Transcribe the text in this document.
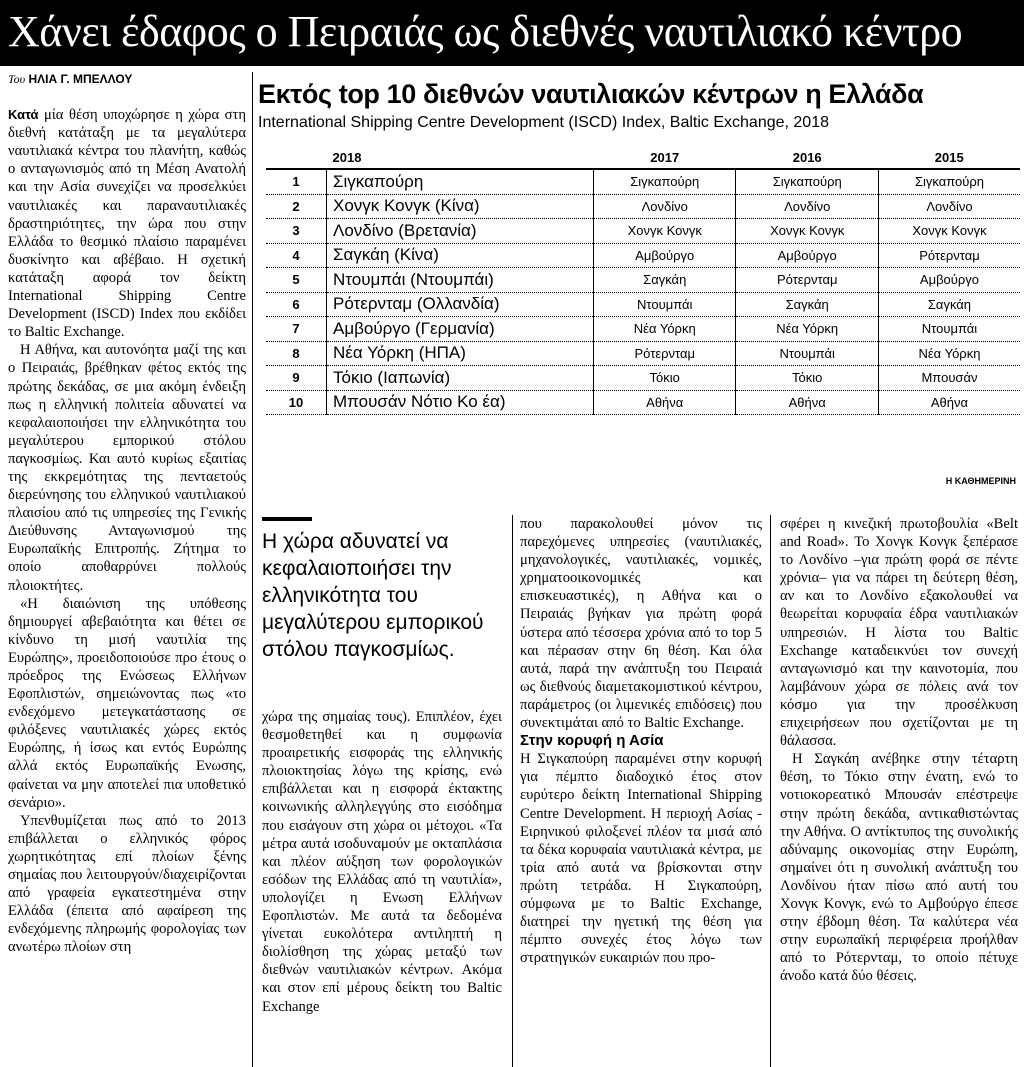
Χάνει έδαφος ο Πειραιάς ως διεθνές ναυτιλιακό κέντρο

Του ΗΛΙΑ Γ. ΜΠΕΛΛΟΥ

Κατά μία θέση υποχώρησε η χώρα στη διεθνή κατάταξη με τα μεγαλύτερα ναυτιλιακά κέντρα του πλανήτη, καθώς ο ανταγωνισμός από τη Μέση Ανατολή και την Ασία συνεχίζει να προσελκύει ναυτιλιακές και παραναυτιλιακές δραστηριότητες, την ώρα που στην Ελλάδα το θεσμικό πλαίσιο παραμένει δυσκίνητο και αβέβαιο. Η σχετική κατάταξη αφορά τον δείκτη International Shipping Centre Development (ISCD) Index που εκδίδει το Baltic Exchange.

Η Αθήνα, και αυτονόητα μαζί της και ο Πειραιάς, βρέθηκαν φέτος εκτός της πρώτης δεκάδας, σε μια ακόμη ένδειξη πως η ελληνική πολιτεία αδυνατεί να κεφαλαιοποιήσει την ελληνικότητα του μεγαλύτερου εμπορικού στόλου παγκοσμίως. Και αυτό κυρίως εξαιτίας της εκκρεμότητας της πενταετούς διερεύνησης του ελληνικού ναυτιλιακού πλαισίου από τις υπηρεσίες της Γενικής Διεύθυνσης Ανταγωνισμού της Ευρωπαϊκής Επιτροπής. Ζήτημα το οποίο αποθαρρύνει πολλούς πλοιοκτήτες.

«Η διαιώνιση της υπόθεσης δημιουργεί αβεβαιότητα και θέτει σε κίνδυνο τη μισή ναυτιλία της Ευρώπης», προειδοποιούσε προ έτους ο πρόεδρος της Ενώσεως Ελλήνων Εφοπλιστών, σημειώνοντας πως «το ενδεχόμενο μετεγκατάστασης σε φιλόξενες ναυτιλιακές χώρες εκτός Ευρώπης, ή ίσως και εντός Ευρώπης αλλά εκτός Ευρωπαϊκής Ενωσης, φαίνεται να μην αποτελεί πια υποθετικό σενάριο».

Υπενθυμίζεται πως από το 2013 επιβάλλεται ο ελληνικός φόρος χωρητικότητας επί πλοίων ξένης σημαίας που λειτουργούν/διαχειρίζονται από γραφεία εγκατεστημένα στην Ελλάδα (έπειτα από αφαίρεση της ενδεχόμενης πληρωμής φορολογίας των ανωτέρω πλοίων στη

Εκτός top 10 διεθνών ναυτιλιακών κέντρων η Ελλάδα
International Shipping Centre Development (ISCD) Index, Baltic Exchange, 2018
	2018	2017	2016	2015
1	Σιγκαπούρη	Σιγκαπούρη	Σιγκαπούρη	Σιγκαπούρη
2	Χονγκ Κονγκ (Κίνα)	Λονδίνο	Λονδίνο	Λονδίνο
3	Λονδίνο (Βρετανία)	Χονγκ Κονγκ	Χονγκ Κονγκ	Χονγκ Κονγκ
4	Σαγκάη (Κίνα)	Αμβούργο	Αμβούργο	Ρότερνταμ
5	Ντουμπάι (Ντουμπάι)	Σαγκάη	Ρότερνταμ	Αμβούργο
6	Ρότερνταμ (Ολλανδία)	Ντουμπάι	Σαγκάη	Σαγκάη
7	Αμβούργο (Γερμανία)	Νέα Υόρκη	Νέα Υόρκη	Ντουμπάι
8	Νέα Υόρκη (ΗΠΑ)	Ρότερνταμ	Ντουμπάι	Νέα Υόρκη
9	Τόκιο (Ιαπωνία)	Τόκιο	Τόκιο	Μπουσάν
10	Μπουσάν Νότιο Κο έα)	Αθήνα	Αθήνα	Αθήνα
Η ΚΑΘΗΜΕΡΙΝΗ
Η χώρα αδυνατεί να κεφαλαιοποιήσει την ελληνικότητα του μεγαλύτερου εμπορικού στόλου παγκοσμίως.

χώρα της σημαίας τους). Επιπλέον, έχει θεσμοθετηθεί και η συμφωνία προαιρετικής εισφοράς της ελληνικής πλοιοκτησίας λόγω της κρίσης, ενώ επιβάλλεται και η εισφορά έκτακτης κοινωνικής αλληλεγγύης στο εισόδημα που εισάγουν στη χώρα οι μέτοχοι. «Τα μέτρα αυτά ισοδυναμούν με οκταπλάσια και πλέον αύξηση των φορολογικών εσόδων της Ελλάδας από τη ναυτιλία», υπολογίζει η Ενωση Ελλήνων Εφοπλιστών. Με αυτά τα δεδομένα γίνεται ευκολότερα αντιληπτή η διολίσθηση της χώρας μεταξύ των διεθνών ναυτιλιακών κέντρων. Ακόμα και στον επί μέρους δείκτη του Baltic Exchange

που παρακολουθεί μόνον τις παρεχόμενες υπηρεσίες (ναυτιλιακές, μηχανολογικές, ναυτιλιακές, νομικές, χρηματοοικονομικές και επισκευαστικές), η Αθήνα και ο Πειραιάς βγήκαν για πρώτη φορά ύστερα από τέσσερα χρόνια από το top 5 και πέρασαν στην 6η θέση. Και όλα αυτά, παρά την ανάπτυξη του Πειραιά ως διεθνούς διαμετακομιστικού κέντρου, παράμετρος (οι λιμενικές επιδόσεις) που συνεκτιμάται από το Baltic Exchange.

Στην κορυφή η Ασία

Η Σιγκαπούρη παραμένει στην κορυφή για πέμπτο διαδοχικό έτος στον ευρύτερο δείκτη International Shipping Centre Development. Η περιοχή Ασίας - Ειρηνικού φιλοξενεί πλέον τα μισά από τα δέκα κορυφαία ναυτιλιακά κέντρα, με τρία από αυτά να βρίσκονται στην πρώτη τετράδα. Η Σιγκαπούρη, σύμφωνα με το Baltic Exchange, διατηρεί την ηγετική της θέση για πέμπτο συνεχές έτος λόγω των στρατηγικών ευκαιριών που προ-

σφέρει η κινεζική πρωτοβουλία «Belt and Road». Το Χονγκ Κονγκ ξεπέρασε το Λονδίνο –για πρώτη φορά σε πέντε χρόνια– για να πάρει τη δεύτερη θέση, αν και το Λονδίνο εξακολουθεί να θεωρείται κορυφαία έδρα ναυτιλιακών υπηρεσιών. Η λίστα του Baltic Exchange καταδεικνύει τον συνεχή ανταγωνισμό και την καινοτομία, που λαμβάνουν χώρα σε πόλεις ανά τον κόσμο για την προσέλκυση επιχειρήσεων που σχετίζονται με τη θάλασσα.

Η Σαγκάη ανέβηκε στην τέταρτη θέση, το Τόκιο στην ένατη, ενώ το νοτιοκορεατικό Μπουσάν επέστρεψε στην πρώτη δεκάδα, αντικαθιστώντας την Αθήνα. Ο αντίκτυπος της συνολικής αδύναμης οικονομίας στην Ευρώπη, σημαίνει ότι η συνολική ανάπτυξη του Λονδίνου ήταν πίσω από αυτή του Χονγκ Κονγκ, ενώ το Αμβούργο έπεσε στην έβδομη θέση. Τα καλύτερα νέα στην ευρωπαϊκή περιφέρεια προήλθαν από το Ρότερνταμ, το οποίο πέτυχε άνοδο κατά δύο θέσεις.
